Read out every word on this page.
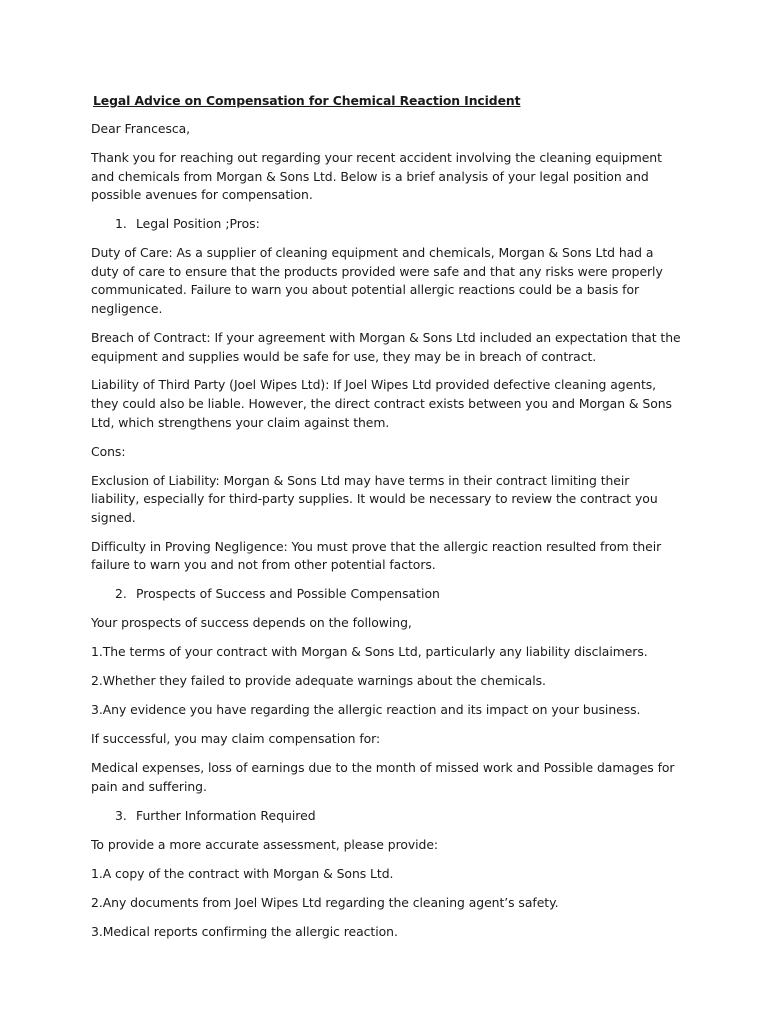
Legal Advice on Compensation for Chemical Reaction Incident
Dear Francesca,
Thank you for reaching out regarding your recent accident involving the cleaning equipment and chemicals from Morgan & Sons Ltd. Below is a brief analysis of your legal position and possible avenues for compensation.
1. Legal Position ;Pros:
Duty of Care: As a supplier of cleaning equipment and chemicals, Morgan & Sons Ltd had a duty of care to ensure that the products provided were safe and that any risks were properly communicated. Failure to warn you about potential allergic reactions could be a basis for negligence.
Breach of Contract: If your agreement with Morgan & Sons Ltd included an expectation that the equipment and supplies would be safe for use, they may be in breach of contract.
Liability of Third Party (Joel Wipes Ltd): If Joel Wipes Ltd provided defective cleaning agents, they could also be liable. However, the direct contract exists between you and Morgan & Sons Ltd, which strengthens your claim against them.
Cons:
Exclusion of Liability: Morgan & Sons Ltd may have terms in their contract limiting their liability, especially for third-party supplies. It would be necessary to review the contract you signed.
Difficulty in Proving Negligence: You must prove that the allergic reaction resulted from their failure to warn you and not from other potential factors.
2. Prospects of Success and Possible Compensation
Your prospects of success depends on the following,
1.The terms of your contract with Morgan & Sons Ltd, particularly any liability disclaimers.
2.Whether they failed to provide adequate warnings about the chemicals.
3.Any evidence you have regarding the allergic reaction and its impact on your business.
If successful, you may claim compensation for:
Medical expenses, loss of earnings due to the month of missed work and Possible damages for pain and suffering.
3. Further Information Required
To provide a more accurate assessment, please provide:
1.A copy of the contract with Morgan & Sons Ltd.
2.Any documents from Joel Wipes Ltd regarding the cleaning agent’s safety.
3.Medical reports confirming the allergic reaction.
